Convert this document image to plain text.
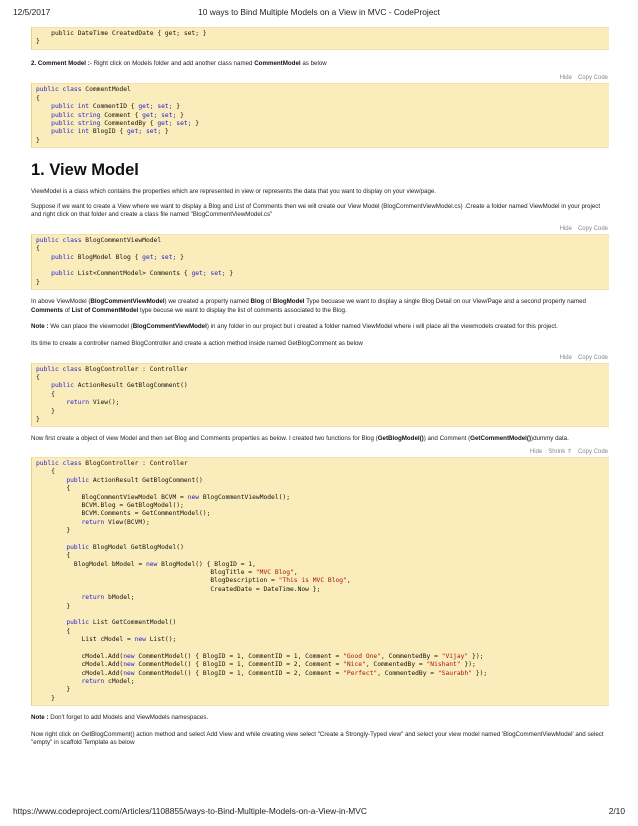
12/5/2017	10 ways to Bind Multiple Models on a View in MVC - CodeProject
public DateTime CreatedDate { get; set; }
}
2. Comment Model :- Right click on Models folder and add another class named CommentModel as below
Hide Copy Code
public class CommentModel
{
public int CommentID { get; set; }
public string Comment { get; set; }
public string CommentedBy { get; set; }
public int BlogID { get; set; }
}
1. View Model
ViewModel is a class which contains the properties which are represented in view or represents the data that you want to display on your view/page.
Suppose if we want to create a View where we want to display a Blog and List of Comments then we will create our View Model (BlogCommentViewModel.cs) .Create a folder named ViewModel in your project and right click on that folder and create a class file named "BlogCommentViewModel.cs"
Hide Copy Code
public class BlogCommentViewModel
{
public BlogModel Blog { get; set; }
public List<CommentModel> Comments { get; set; }
}
In above ViewModel (BlogCommentViewModel) we created a property named Blog of BlogModel Type becuase we want to display a single Blog Detail on our View/Page and a second property named Comments of List of CommentModel type becuse we want to display the list of comments associated to the Blog.
Note : We can place the viewmodel (BlogCommentViewModel) in any folder in our project but i created a folder named ViewModel where i will place all the viewmodels created for this project.
Its time to create a controller named BlogController and create a action method inside named GetBlogComment as below
Hide Copy Code
public class BlogController : Controller
{
public ActionResult GetBlogComment()
{
return View();
}
}
Now first create a object of view Model and then set Blog and Comments properties as below. I created two functions for Blog (GetBlogModel()) and Comment (GetCommentModel())dummy data.
Hide Shrink ⇑ Copy Code
public class BlogController : Controller
{
public ActionResult GetBlogComment()
{
BlogCommentViewModel BCVM = new BlogCommentViewModel();
BCVM.Blog = GetBlogModel();
BCVM.Comments = GetCommentModel();
return View(BCVM);
}
public BlogModel GetBlogModel()
{
BlogModel bModel = new BlogModel() { BlogID = 1,
BlogTitle = "MVC Blog",
BlogDescription = "This is MVC Blog",
CreatedDate = DateTime.Now };
return bModel;
}
public List GetCommentModel()
{
List cModel = new List();
cModel.Add(new CommentModel() { BlogID = 1, CommentID = 1, Comment = "Good One", CommentedBy = "Vijay" });
cModel.Add(new CommentModel() { BlogID = 1, CommentID = 2, Comment = "Nice", CommentedBy = "Nishant" });
cModel.Add(new CommentModel() { BlogID = 1, CommentID = 2, Comment = "Perfect", CommentedBy = "Saurabh" });
return cModel;
}
}
Note : Don't forget to add Models and ViewModels namespaces.
Now right click on GetBlogComment() action method and select Add View and while creating view select "Create a Strongly-Typed view" and select your view model named 'BlogCommentViewModel' and select "empty" in scaffold Template as below
https://www.codeproject.com/Articles/1108855/ways-to-Bind-Multiple-Models-on-a-View-in-MVC	2/10
